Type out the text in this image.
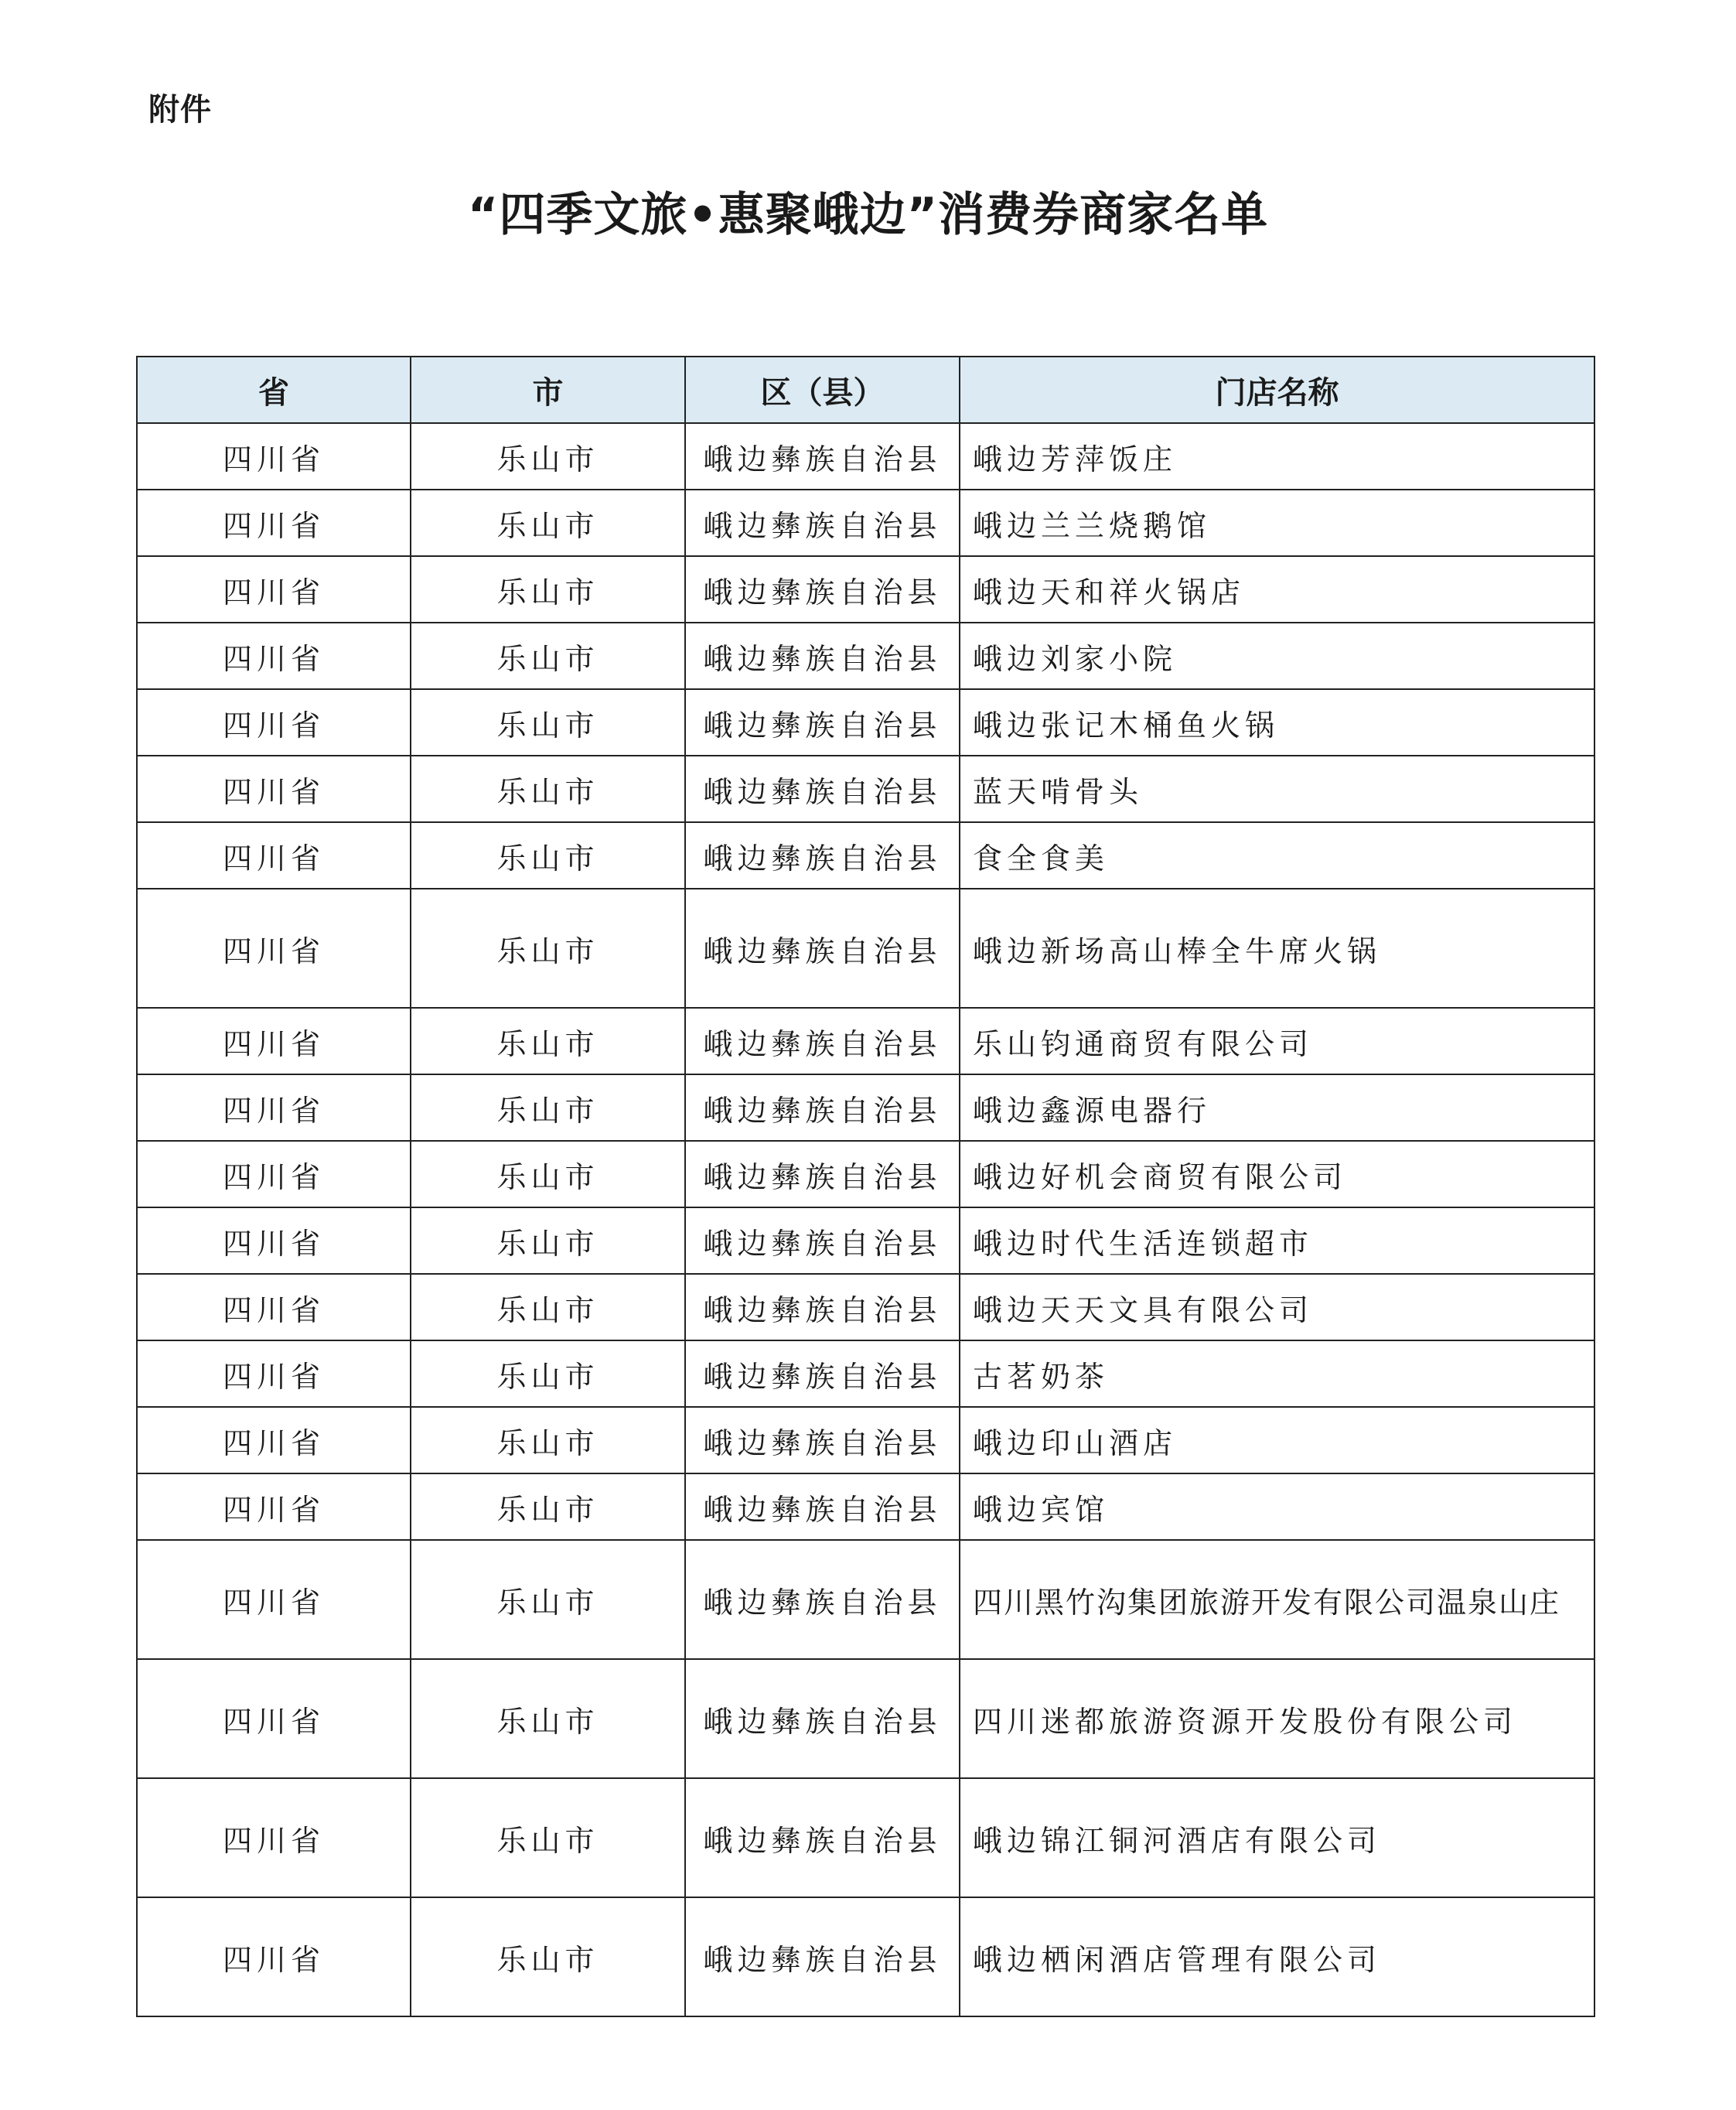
附件
“四季文旅•惠聚峨边”消费券商家名单
省	市	区（县）	门店名称
四川省	乐山市	峨边彝族自治县	峨边芳萍饭庄
四川省	乐山市	峨边彝族自治县	峨边兰兰烧鹅馆
四川省	乐山市	峨边彝族自治县	峨边天和祥火锅店
四川省	乐山市	峨边彝族自治县	峨边刘家小院
四川省	乐山市	峨边彝族自治县	峨边张记木桶鱼火锅
四川省	乐山市	峨边彝族自治县	蓝天啃骨头
四川省	乐山市	峨边彝族自治县	食全食美
四川省	乐山市	峨边彝族自治县	峨边新场高山棒全牛席火锅
四川省	乐山市	峨边彝族自治县	乐山钧通商贸有限公司
四川省	乐山市	峨边彝族自治县	峨边鑫源电器行
四川省	乐山市	峨边彝族自治县	峨边好机会商贸有限公司
四川省	乐山市	峨边彝族自治县	峨边时代生活连锁超市
四川省	乐山市	峨边彝族自治县	峨边天天文具有限公司
四川省	乐山市	峨边彝族自治县	古茗奶茶
四川省	乐山市	峨边彝族自治县	峨边印山酒店
四川省	乐山市	峨边彝族自治县	峨边宾馆
四川省	乐山市	峨边彝族自治县	四川黑竹沟集团旅游开发有限公司温泉山庄
四川省	乐山市	峨边彝族自治县	四川迷都旅游资源开发股份有限公司
四川省	乐山市	峨边彝族自治县	峨边锦江铜河酒店有限公司
四川省	乐山市	峨边彝族自治县	峨边栖闲酒店管理有限公司
